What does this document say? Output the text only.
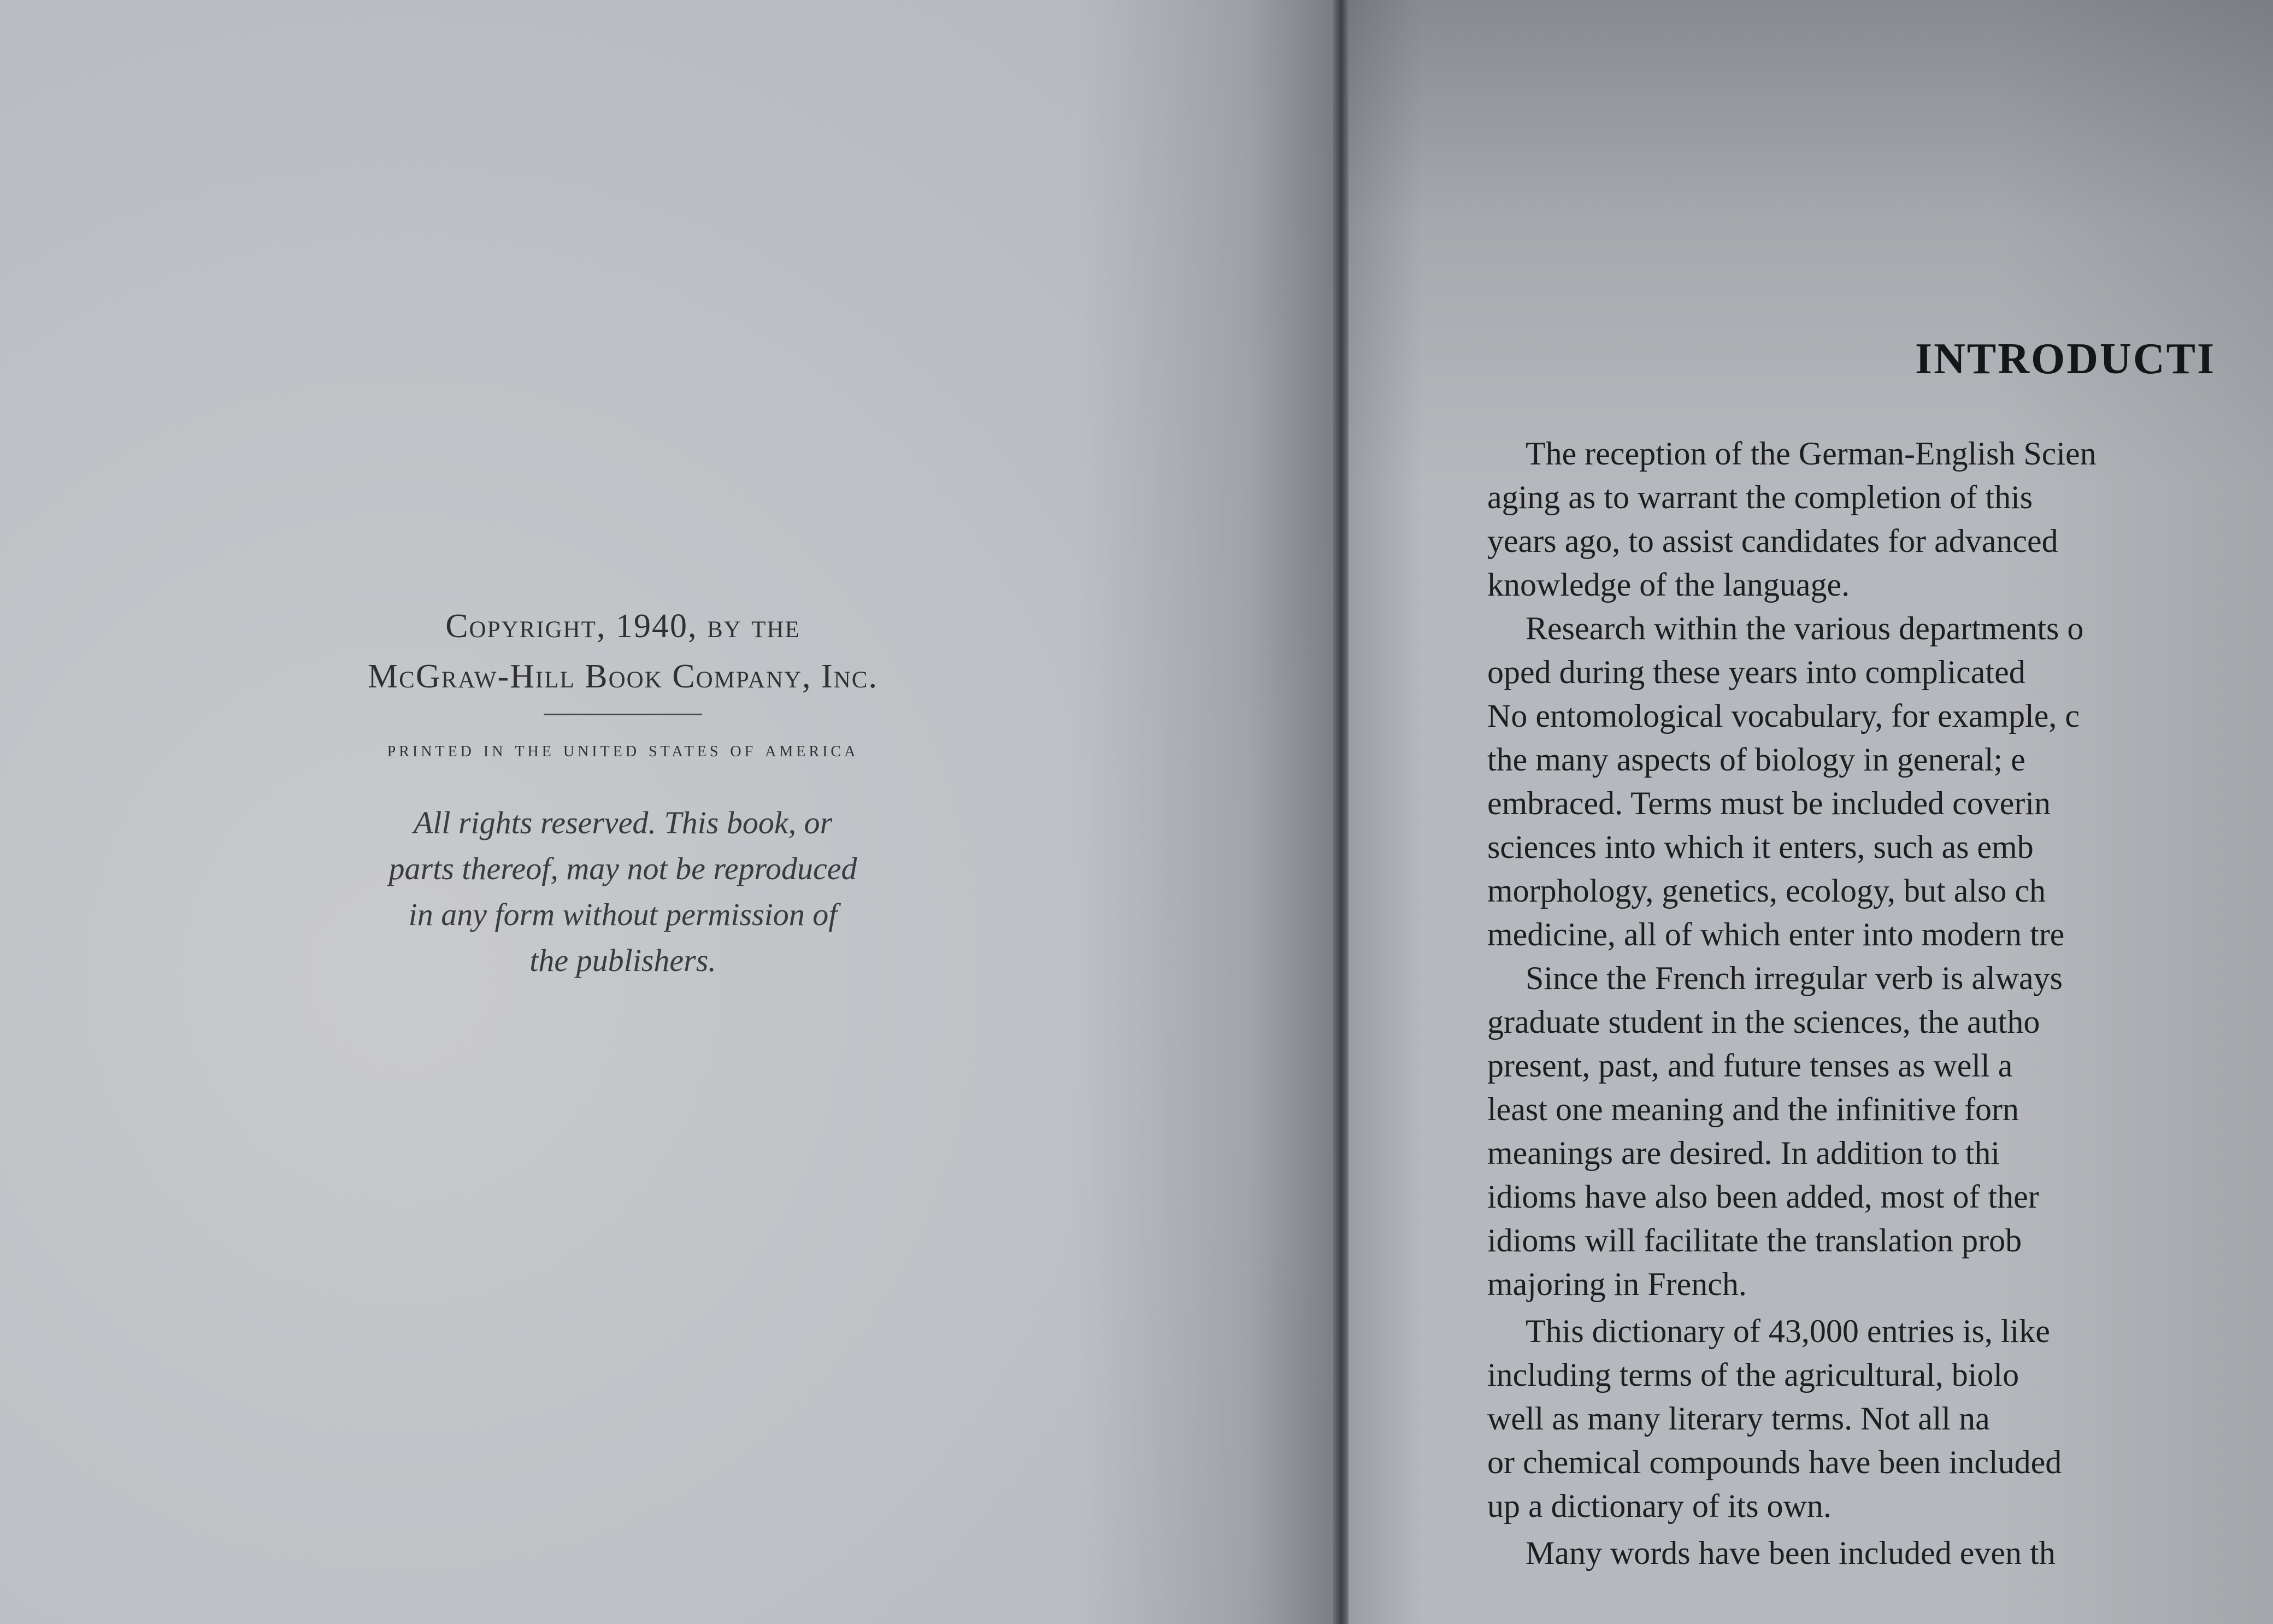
Copyright, 1940, by the
McGraw-Hill Book Company, Inc.
printed in the united states of america
All rights reserved. This book, or
parts thereof, may not be reproduced
in any form without permission of
the publishers.
INTRODUCTI
The reception of the German-English Scien
aging as to warrant the completion of this
years ago, to assist candidates for advanced
knowledge of the language.
Research within the various departments o
oped during these years into complicated
No entomological vocabulary, for example, c
the many aspects of biology in general; e
embraced. Terms must be included coverin
sciences into which it enters, such as emb
morphology, genetics, ecology, but also ch
medicine, all of which enter into modern tre
Since the French irregular verb is always
graduate student in the sciences, the autho
present, past, and future tenses as well a
least one meaning and the infinitive forn
meanings are desired. In addition to thi
idioms have also been added, most of ther
idioms will facilitate the translation prob
majoring in French.
This dictionary of 43,000 entries is, like
including terms of the agricultural, biolo
well as many literary terms. Not all na
or chemical compounds have been included
up a dictionary of its own.
Many words have been included even th
